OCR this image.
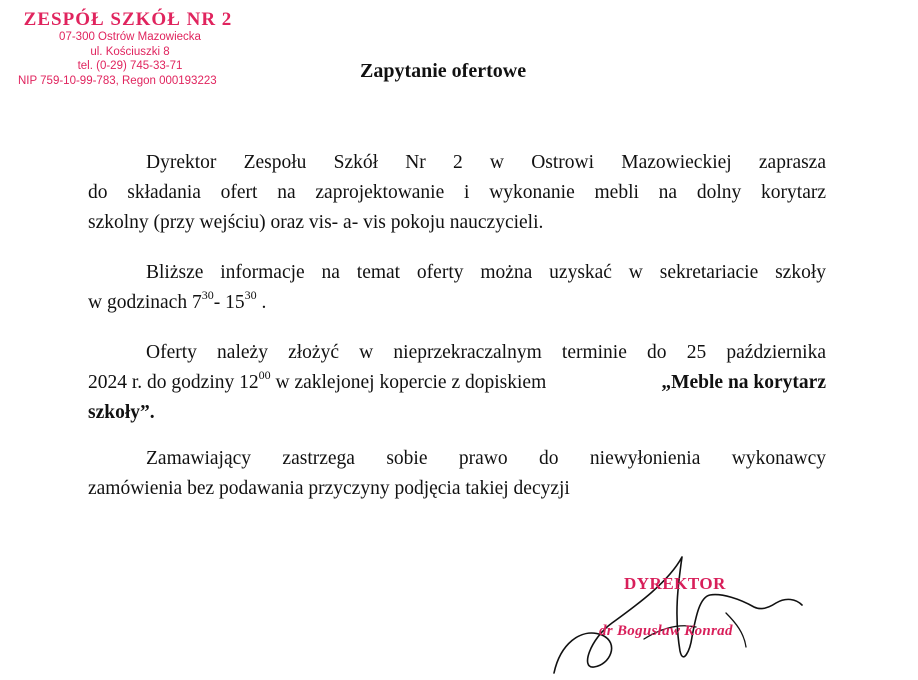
ZESPÓŁ SZKÓŁ NR 2
07-300 Ostrów Mazowiecka
ul. Kościuszki 8
tel. (0-29) 745-33-71
NIP 759-10-99-783, Regon 000193223	Zapytanie ofertowe
Dyrektor Zespołu Szkół Nr 2 w Ostrowi Mazowieckiej zaprasza
do składania ofert na zaprojektowanie i wykonanie mebli na dolny korytarz
szkolny (przy wejściu) oraz vis- a- vis pokoju nauczycieli.
Bliższe informacje na temat oferty można uzyskać w sekretariacie szkoły
w godzinach $7^{30}-$ $15^{30}$ .
Oferty należy złożyć w nieprzekraczalnym terminie do 25 października
2024 r. do godziny $12^{00}$ w zaklejonej kopercie z dopiskiem	„Meble na korytarz
szkoły”.
Zamawiający zastrzega sobie prawo do niewyłonienia wykonawcy
zamówienia bez podawania przyczyny podjęcia takiej decyzji
DYREKTOR
dr Bogusław Konrad
